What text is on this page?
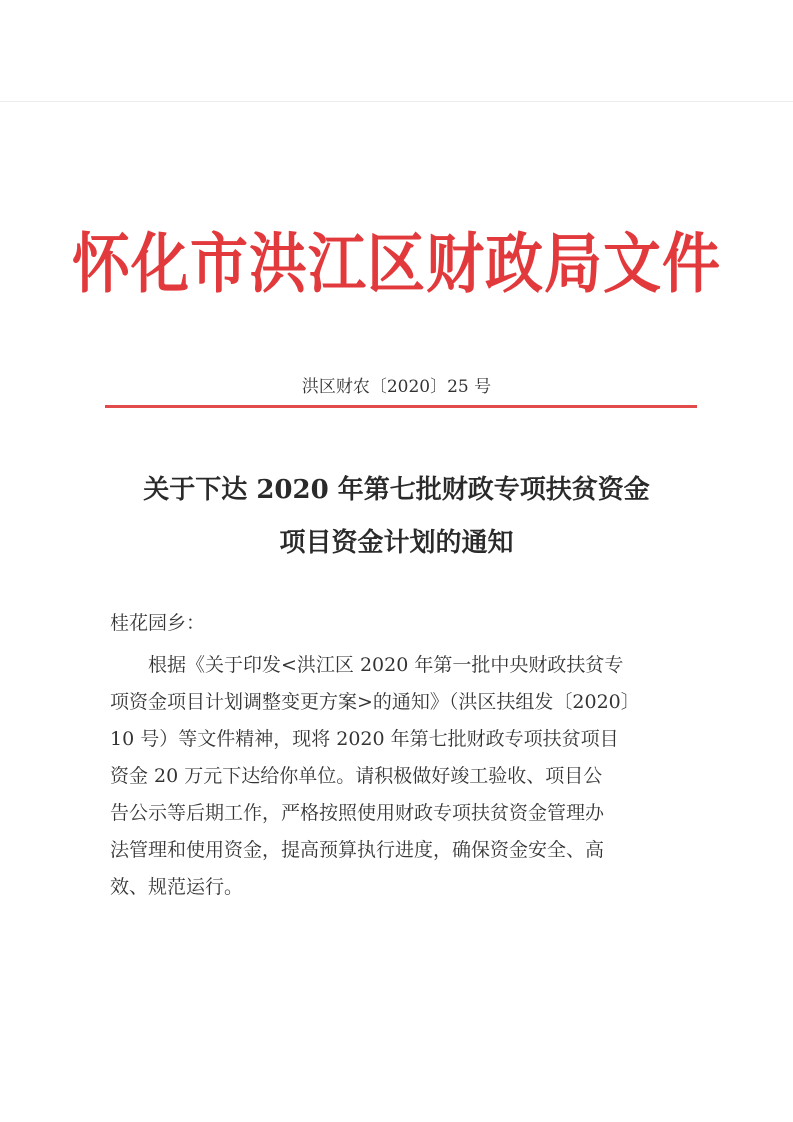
怀化市洪江区财政局文件
洪区财农〔2020〕25 号
关于下达 2020 年第七批财政专项扶贫资金
项目资金计划的通知
桂花园乡：
根据《关于印发<洪江区 2020 年第一批中央财政扶贫专
项资金项目计划调整变更方案>的通知》（洪区扶组发〔2020〕
10 号）等文件精神，现将 2020 年第七批财政专项扶贫项目
资金 20 万元下达给你单位。请积极做好竣工验收、项目公
告公示等后期工作，严格按照使用财政专项扶贫资金管理办
法管理和使用资金，提高预算执行进度，确保资金安全、高
效、规范运行。
